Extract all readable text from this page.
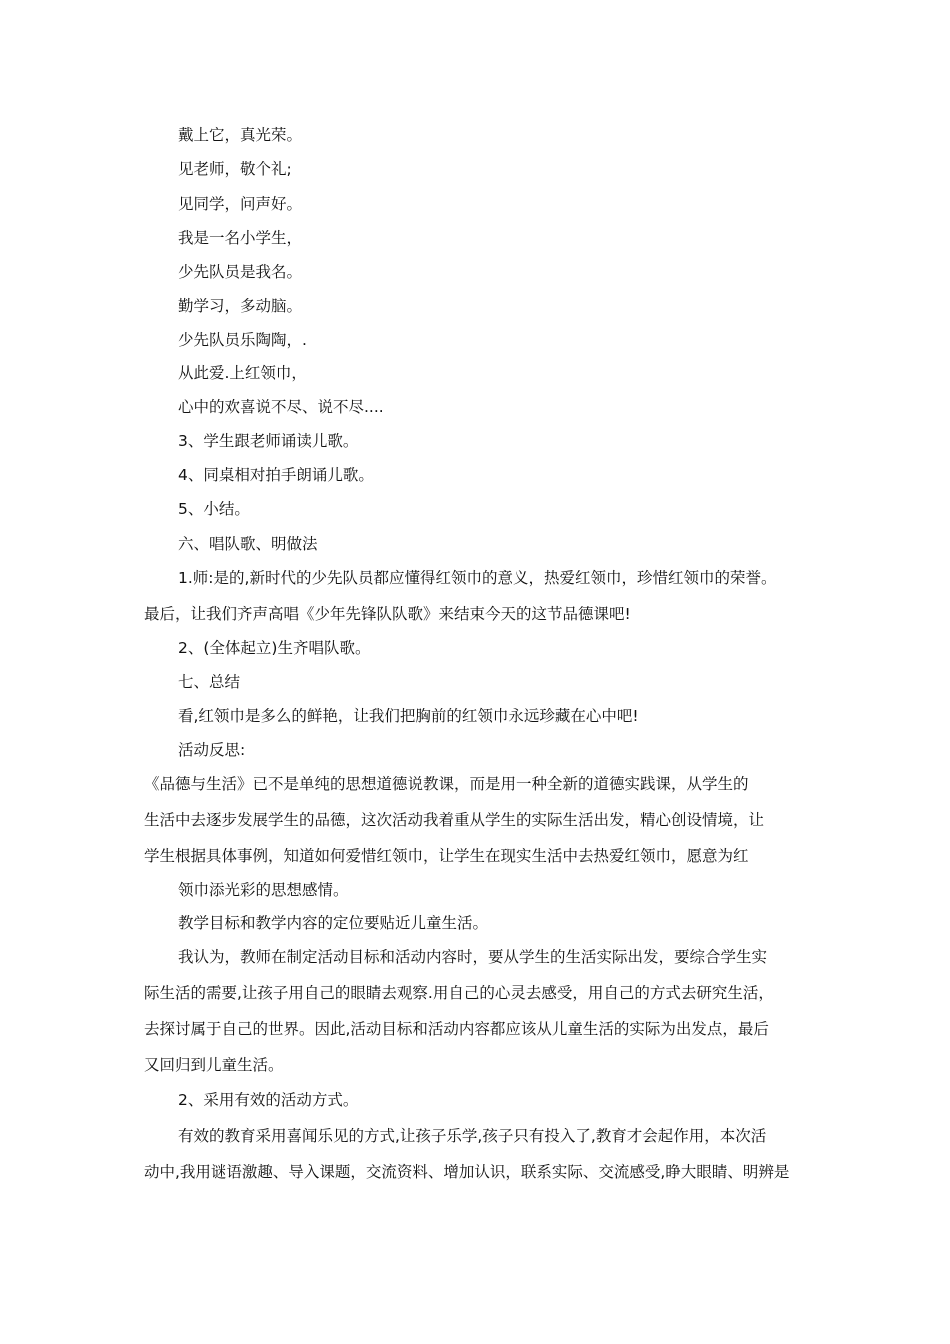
戴上它，真光荣。

见老师，敬个礼;

见同学，问声好。

我是一名小学生，

少先队员是我名。

勤学习，多动脑。

少先队员乐陶陶，.

从此爱.上红领巾，

心中的欢喜说不尽、说不尽....

3、学生跟老师诵读儿歌。

4、同桌相对拍手朗诵儿歌。

5、小结。

六、唱队歌、明做法

1.师:是的,新时代的少先队员都应懂得红领巾的意义，热爱红领巾，珍惜红领巾的荣誉。

最后，让我们齐声高唱《少年先锋队队歌》来结束今天的这节品德课吧!

2、(全体起立)生齐唱队歌。

七、总结

看,红领巾是多么的鲜艳，让我们把胸前的红领巾永远珍藏在心中吧!

活动反思:

《品德与生活》已不是单纯的思想道德说教课，而是用一种全新的道德实践课，从学生的

生活中去逐步发展学生的品德，这次活动我着重从学生的实际生活出发，精心创设情境，让

学生根据具体事例，知道如何爱惜红领巾，让学生在现实生活中去热爱红领巾，愿意为红

领巾添光彩的思想感情。

教学目标和教学内容的定位要贴近儿童生活。

我认为，教师在制定活动目标和活动内容时，要从学生的生活实际出发，要综合学生实

际生活的需要,让孩子用自己的眼睛去观察.用自己的心灵去感受，用自己的方式去研究生活，

去探讨属于自己的世界。因此,活动目标和活动内容都应该从儿童生活的实际为出发点，最后

又回归到儿童生活。

2、采用有效的活动方式。

有效的教育采用喜闻乐见的方式,让孩子乐学,孩子只有投入了,教育才会起作用，本次活

动中,我用谜语激趣、导入课题，交流资料、增加认识，联系实际、交流感受,睁大眼睛、明辨是
